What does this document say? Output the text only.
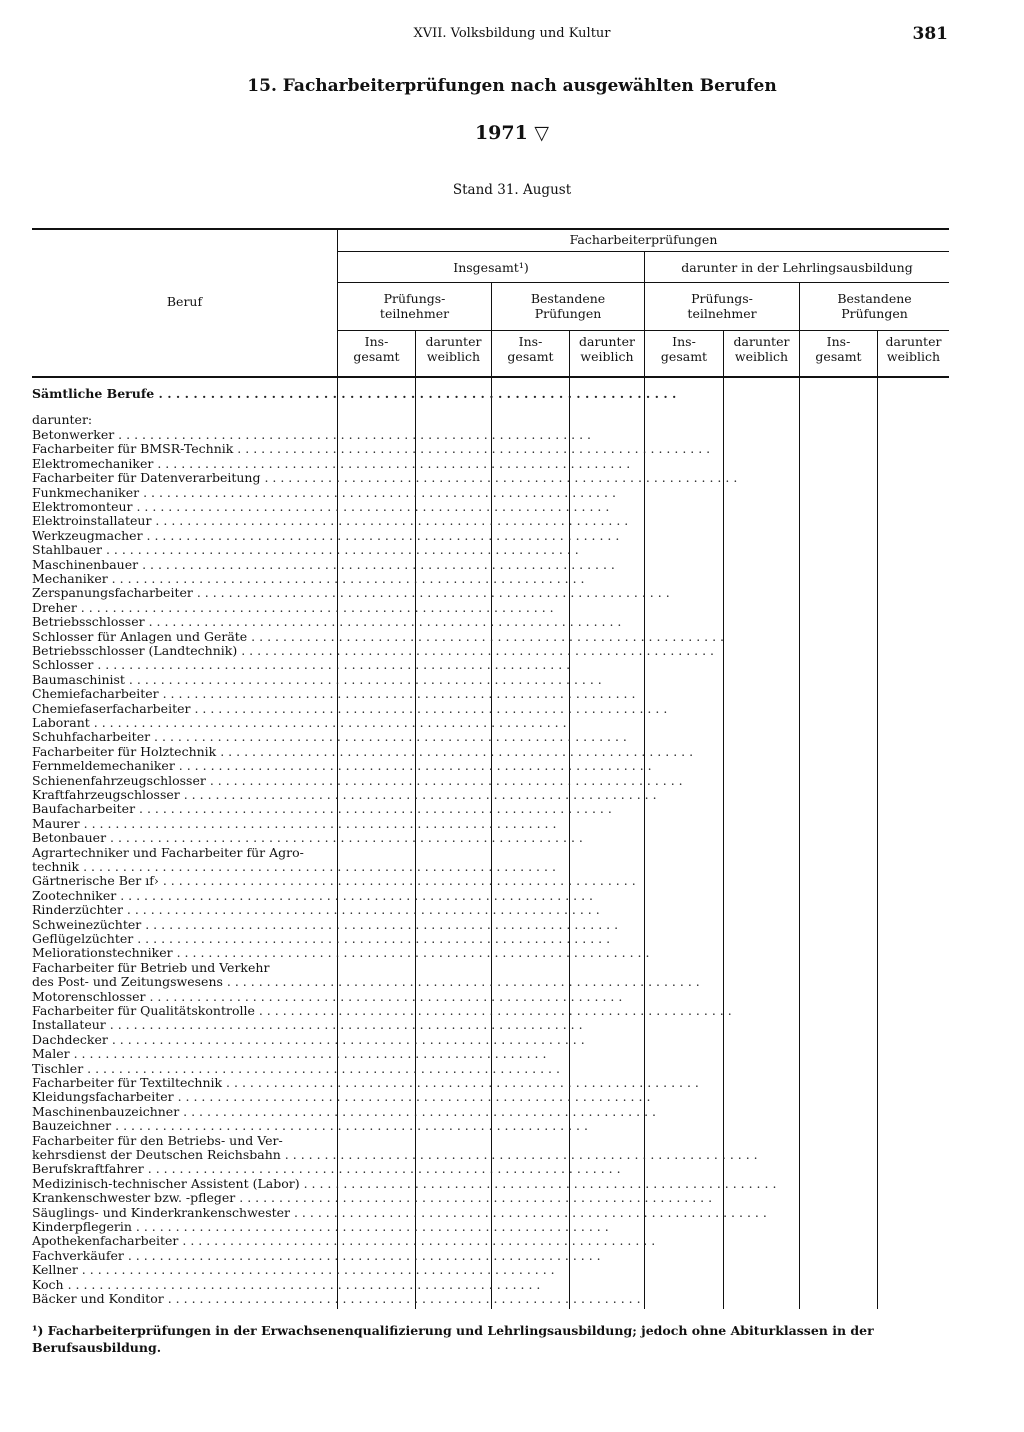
XVII. Volksbildung und Kultur	381
15. Facharbeiterprüfungen nach ausgewählten Berufen
1971 ▽
Stand 31. August
Beruf
Facharbeiterprüfungen
Insgesamt¹)	darunter in der Lehrlingsausbildung
Prüfungs-
teilnehmer
Bestandene
Prüfungen
Prüfungs-
teilnehmer
Bestandene
Prüfungen
Ins-
gesamt
darunter
weiblich
Ins-
gesamt
darunter
weiblich
Ins-
gesamt
darunter
weiblich
Ins-
gesamt
darunter
weiblich
Sämtliche Berufe . . . . . . . . . . . . . . . . . . . . . . . . . . . . . . . . . . . . . . . . . . . . . . . . . . . . . . . . . . . .
darunter:
Betonwerker . . . . . . . . . . . . . . . . . . . . . . . . . . . . . . . . . . . . . . . . . . . . . . . . . . . . . . . . . . . .
Facharbeiter für BMSR-Technik . . . . . . . . . . . . . . . . . . . . . . . . . . . . . . . . . . . . . . . . . . . . . . . . . . . . . . . . . . . .
Elektromechaniker . . . . . . . . . . . . . . . . . . . . . . . . . . . . . . . . . . . . . . . . . . . . . . . . . . . . . . . . . . . .
Facharbeiter für Datenverarbeitung . . . . . . . . . . . . . . . . . . . . . . . . . . . . . . . . . . . . . . . . . . . . . . . . . . . . . . . . . . . .
Funkmechaniker . . . . . . . . . . . . . . . . . . . . . . . . . . . . . . . . . . . . . . . . . . . . . . . . . . . . . . . . . . . .
Elektromonteur . . . . . . . . . . . . . . . . . . . . . . . . . . . . . . . . . . . . . . . . . . . . . . . . . . . . . . . . . . . .
Elektroinstallateur . . . . . . . . . . . . . . . . . . . . . . . . . . . . . . . . . . . . . . . . . . . . . . . . . . . . . . . . . . . .
Werkzeugmacher . . . . . . . . . . . . . . . . . . . . . . . . . . . . . . . . . . . . . . . . . . . . . . . . . . . . . . . . . . . .
Stahlbauer . . . . . . . . . . . . . . . . . . . . . . . . . . . . . . . . . . . . . . . . . . . . . . . . . . . . . . . . . . . .
Maschinenbauer . . . . . . . . . . . . . . . . . . . . . . . . . . . . . . . . . . . . . . . . . . . . . . . . . . . . . . . . . . . .
Mechaniker . . . . . . . . . . . . . . . . . . . . . . . . . . . . . . . . . . . . . . . . . . . . . . . . . . . . . . . . . . . .
Zerspanungsfacharbeiter . . . . . . . . . . . . . . . . . . . . . . . . . . . . . . . . . . . . . . . . . . . . . . . . . . . . . . . . . . . .
Dreher . . . . . . . . . . . . . . . . . . . . . . . . . . . . . . . . . . . . . . . . . . . . . . . . . . . . . . . . . . . .
Betriebsschlosser . . . . . . . . . . . . . . . . . . . . . . . . . . . . . . . . . . . . . . . . . . . . . . . . . . . . . . . . . . . .
Schlosser für Anlagen und Geräte . . . . . . . . . . . . . . . . . . . . . . . . . . . . . . . . . . . . . . . . . . . . . . . . . . . . . . . . . . . .
Betriebsschlosser (Landtechnik) . . . . . . . . . . . . . . . . . . . . . . . . . . . . . . . . . . . . . . . . . . . . . . . . . . . . . . . . . . . .
Schlosser . . . . . . . . . . . . . . . . . . . . . . . . . . . . . . . . . . . . . . . . . . . . . . . . . . . . . . . . . . . .
Baumaschinist . . . . . . . . . . . . . . . . . . . . . . . . . . . . . . . . . . . . . . . . . . . . . . . . . . . . . . . . . . . .
Chemiefacharbeiter . . . . . . . . . . . . . . . . . . . . . . . . . . . . . . . . . . . . . . . . . . . . . . . . . . . . . . . . . . . .
Chemiefaserfacharbeiter . . . . . . . . . . . . . . . . . . . . . . . . . . . . . . . . . . . . . . . . . . . . . . . . . . . . . . . . . . . .
Laborant . . . . . . . . . . . . . . . . . . . . . . . . . . . . . . . . . . . . . . . . . . . . . . . . . . . . . . . . . . . .
Schuhfacharbeiter . . . . . . . . . . . . . . . . . . . . . . . . . . . . . . . . . . . . . . . . . . . . . . . . . . . . . . . . . . . .
Facharbeiter für Holztechnik . . . . . . . . . . . . . . . . . . . . . . . . . . . . . . . . . . . . . . . . . . . . . . . . . . . . . . . . . . . .
Fernmeldemechaniker . . . . . . . . . . . . . . . . . . . . . . . . . . . . . . . . . . . . . . . . . . . . . . . . . . . . . . . . . . . .
Schienenfahrzeugschlosser . . . . . . . . . . . . . . . . . . . . . . . . . . . . . . . . . . . . . . . . . . . . . . . . . . . . . . . . . . . .
Kraftfahrzeugschlosser . . . . . . . . . . . . . . . . . . . . . . . . . . . . . . . . . . . . . . . . . . . . . . . . . . . . . . . . . . . .
Baufacharbeiter . . . . . . . . . . . . . . . . . . . . . . . . . . . . . . . . . . . . . . . . . . . . . . . . . . . . . . . . . . . .
Maurer . . . . . . . . . . . . . . . . . . . . . . . . . . . . . . . . . . . . . . . . . . . . . . . . . . . . . . . . . . . .
Betonbauer . . . . . . . . . . . . . . . . . . . . . . . . . . . . . . . . . . . . . . . . . . . . . . . . . . . . . . . . . . . .
Agrartechniker und Facharbeiter für Agro-
technik . . . . . . . . . . . . . . . . . . . . . . . . . . . . . . . . . . . . . . . . . . . . . . . . . . . . . . . . . . . .
Gärtnerische Ber ıf› . . . . . . . . . . . . . . . . . . . . . . . . . . . . . . . . . . . . . . . . . . . . . . . . . . . . . . . . . . . .
Zootechniker . . . . . . . . . . . . . . . . . . . . . . . . . . . . . . . . . . . . . . . . . . . . . . . . . . . . . . . . . . . .
Rinderzüchter . . . . . . . . . . . . . . . . . . . . . . . . . . . . . . . . . . . . . . . . . . . . . . . . . . . . . . . . . . . .
Schweinezüchter . . . . . . . . . . . . . . . . . . . . . . . . . . . . . . . . . . . . . . . . . . . . . . . . . . . . . . . . . . . .
Geflügelzüchter . . . . . . . . . . . . . . . . . . . . . . . . . . . . . . . . . . . . . . . . . . . . . . . . . . . . . . . . . . . .
Meliorationstechniker . . . . . . . . . . . . . . . . . . . . . . . . . . . . . . . . . . . . . . . . . . . . . . . . . . . . . . . . . . . .
Facharbeiter für Betrieb und Verkehr
des Post- und Zeitungswesens . . . . . . . . . . . . . . . . . . . . . . . . . . . . . . . . . . . . . . . . . . . . . . . . . . . . . . . . . . . .
Motorenschlosser . . . . . . . . . . . . . . . . . . . . . . . . . . . . . . . . . . . . . . . . . . . . . . . . . . . . . . . . . . . .
Facharbeiter für Qualitätskontrolle . . . . . . . . . . . . . . . . . . . . . . . . . . . . . . . . . . . . . . . . . . . . . . . . . . . . . . . . . . . .
Installateur . . . . . . . . . . . . . . . . . . . . . . . . . . . . . . . . . . . . . . . . . . . . . . . . . . . . . . . . . . . .
Dachdecker . . . . . . . . . . . . . . . . . . . . . . . . . . . . . . . . . . . . . . . . . . . . . . . . . . . . . . . . . . . .
Maler . . . . . . . . . . . . . . . . . . . . . . . . . . . . . . . . . . . . . . . . . . . . . . . . . . . . . . . . . . . .
Tischler . . . . . . . . . . . . . . . . . . . . . . . . . . . . . . . . . . . . . . . . . . . . . . . . . . . . . . . . . . . .
Facharbeiter für Textiltechnik . . . . . . . . . . . . . . . . . . . . . . . . . . . . . . . . . . . . . . . . . . . . . . . . . . . . . . . . . . . .
Kleidungsfacharbeiter . . . . . . . . . . . . . . . . . . . . . . . . . . . . . . . . . . . . . . . . . . . . . . . . . . . . . . . . . . . .
Maschinenbauzeichner . . . . . . . . . . . . . . . . . . . . . . . . . . . . . . . . . . . . . . . . . . . . . . . . . . . . . . . . . . . .
Bauzeichner . . . . . . . . . . . . . . . . . . . . . . . . . . . . . . . . . . . . . . . . . . . . . . . . . . . . . . . . . . . .
Facharbeiter für den Betriebs- und Ver-
kehrsdienst der Deutschen Reichsbahn . . . . . . . . . . . . . . . . . . . . . . . . . . . . . . . . . . . . . . . . . . . . . . . . . . . . . . . . . . . .
Berufskraftfahrer . . . . . . . . . . . . . . . . . . . . . . . . . . . . . . . . . . . . . . . . . . . . . . . . . . . . . . . . . . . .
Medizinisch-technischer Assistent (Labor) . . . . . . . . . . . . . . . . . . . . . . . . . . . . . . . . . . . . . . . . . . . . . . . . . . . . . . . . . . . .
Krankenschwester bzw. -pfleger . . . . . . . . . . . . . . . . . . . . . . . . . . . . . . . . . . . . . . . . . . . . . . . . . . . . . . . . . . . .
Säuglings- und Kinderkrankenschwester . . . . . . . . . . . . . . . . . . . . . . . . . . . . . . . . . . . . . . . . . . . . . . . . . . . . . . . . . . . .
Kinderpflegerin . . . . . . . . . . . . . . . . . . . . . . . . . . . . . . . . . . . . . . . . . . . . . . . . . . . . . . . . . . . .
Apothekenfacharbeiter . . . . . . . . . . . . . . . . . . . . . . . . . . . . . . . . . . . . . . . . . . . . . . . . . . . . . . . . . . . .
Fachverkäufer . . . . . . . . . . . . . . . . . . . . . . . . . . . . . . . . . . . . . . . . . . . . . . . . . . . . . . . . . . . .
Kellner . . . . . . . . . . . . . . . . . . . . . . . . . . . . . . . . . . . . . . . . . . . . . . . . . . . . . . . . . . . .
Koch . . . . . . . . . . . . . . . . . . . . . . . . . . . . . . . . . . . . . . . . . . . . . . . . . . . . . . . . . . . .
Bäcker und Konditor . . . . . . . . . . . . . . . . . . . . . . . . . . . . . . . . . . . . . . . . . . . . . . . . . . . . . . . . . . . .
¹) Facharbeiterprüfungen in der Erwachsenenqualifizierung und Lehrlingsausbildung; jedoch ohne Abiturklassen in der Berufsausbildung.
